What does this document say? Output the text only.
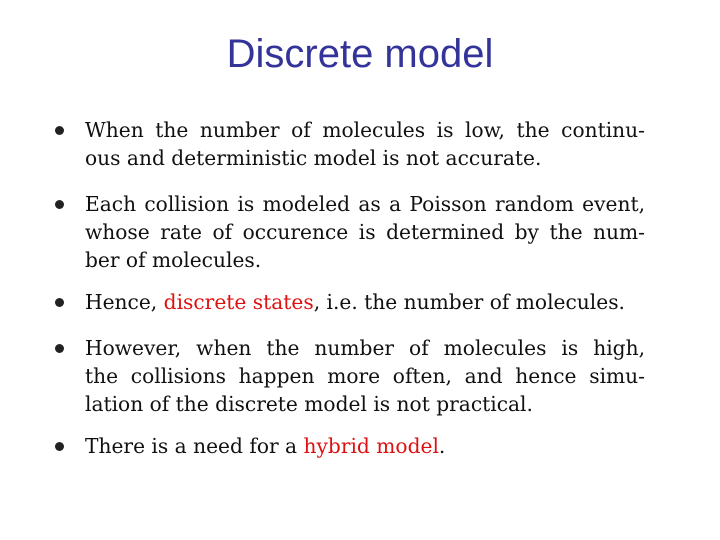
Discrete model
When the number of molecules is low, the continu-
ous and deterministic model is not accurate.
Each collision is modeled as a Poisson random event,
whose rate of occurence is determined by the num-
ber of molecules.
Hence, discrete states, i.e. the number of molecules.
However, when the number of molecules is high,
the collisions happen more often, and hence simu-
lation of the discrete model is not practical.
There is a need for a hybrid model.
